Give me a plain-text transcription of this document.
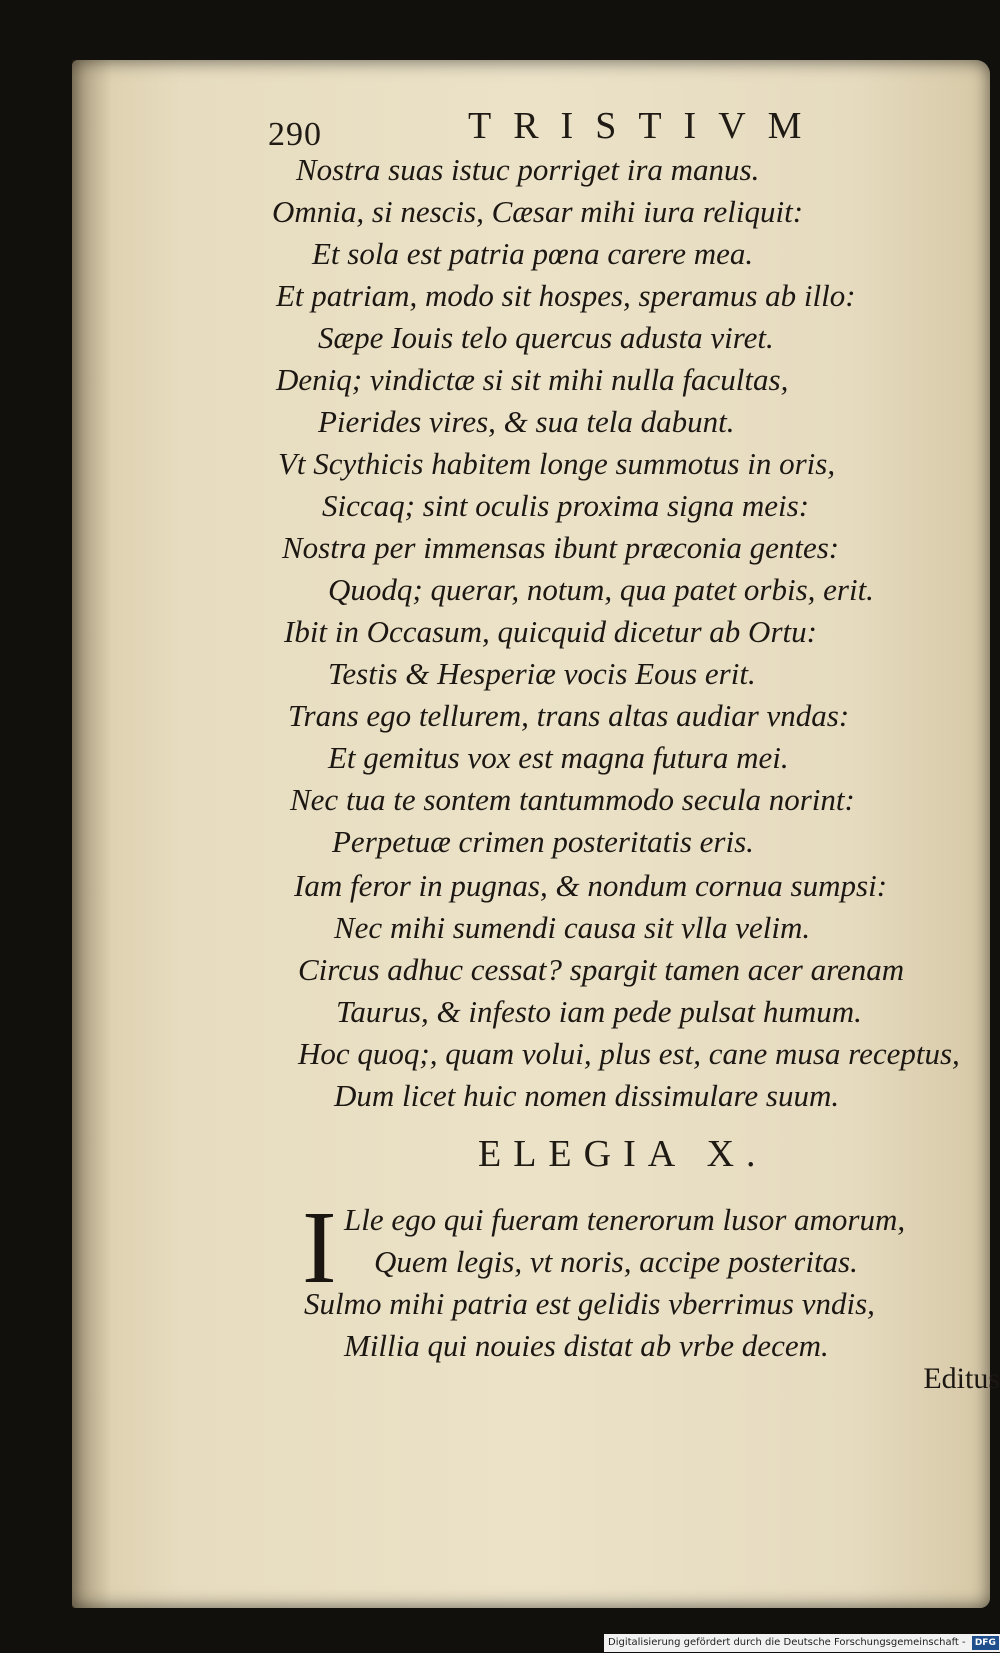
290	TRISTIVM
Nostra suas istuc porriget ira manus.
Omnia, si nescis, Cæsar mihi iura reliquit:
Et sola est patria pœna carere mea.
Et patriam, modo sit hospes, speramus ab illo:
Sæpe Iouis telo quercus adusta viret.
Deniq; vindictæ si sit mihi nulla facultas,
Pierides vires, & sua tela dabunt.
Vt Scythicis habitem longe summotus in oris,
Siccaq; sint oculis proxima signa meis:
Nostra per immensas ibunt præconia gentes:
Quodq; querar, notum, qua patet orbis, erit.
Ibit in Occasum, quicquid dicetur ab Ortu:
Testis & Hesperiæ vocis Eous erit.
Trans ego tellurem, trans altas audiar vndas:
Et gemitus vox est magna futura mei.
Nec tua te sontem tantummodo secula norint:
Perpetuæ crimen posteritatis eris.
Iam feror in pugnas, & nondum cornua sumpsi:
Nec mihi sumendi causa sit vlla velim.
Circus adhuc cessat? spargit tamen acer arenam
Taurus, & infesto iam pede pulsat humum.
Hoc quoq;, quam volui, plus est, cane musa receptus,
Dum licet huic nomen dissimulare suum.
ELEGIA X.
I Lle ego qui fueram tenerorum lusor amorum,
Quem legis, vt noris, accipe posteritas.
Sulmo mihi patria est gelidis vberrimus vndis,
Millia qui nouies distat ab vrbe decem.
Editus
Digitalisierung gefördert durch die Deutsche Forschungsgemeinschaft - DFG
